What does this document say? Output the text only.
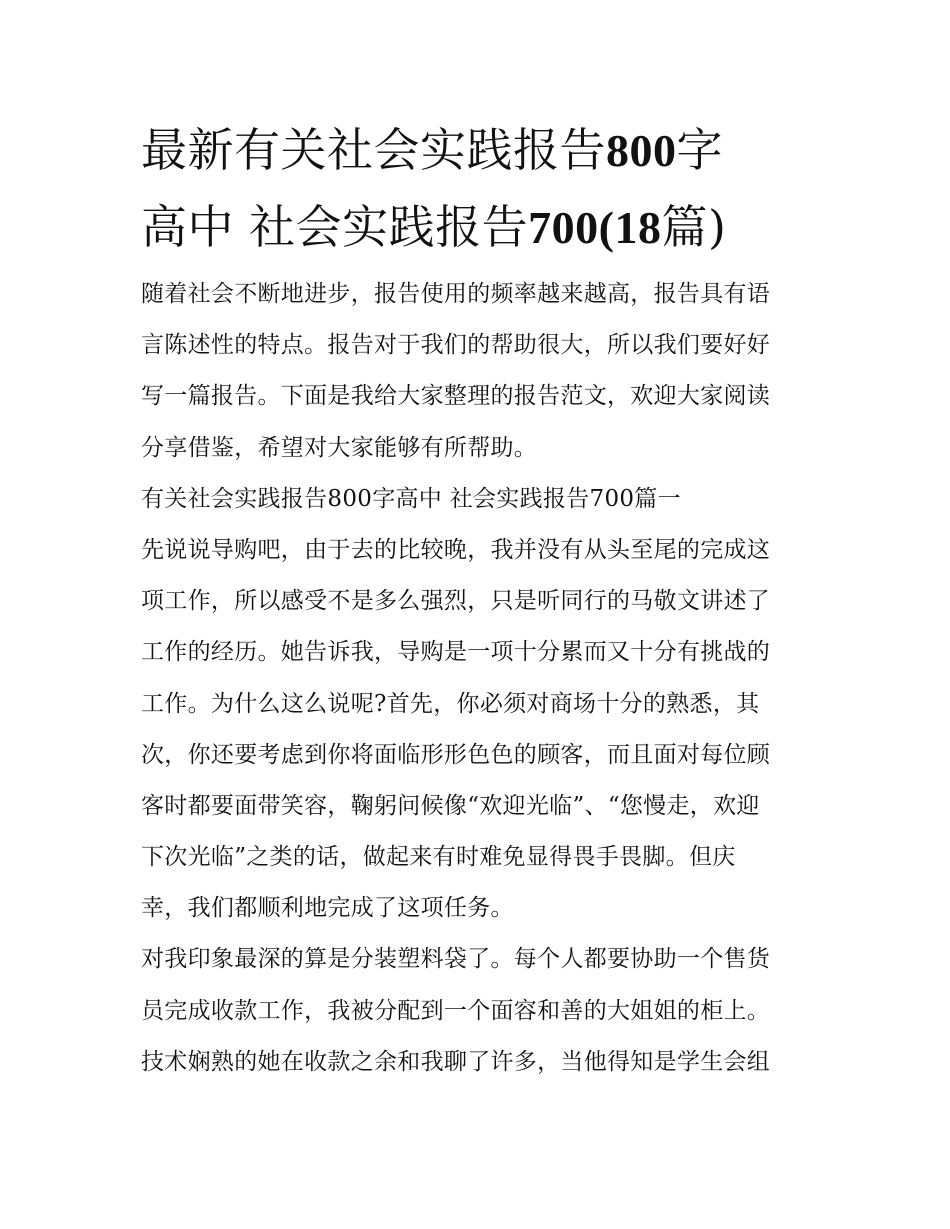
最新有关社会实践报告800字
高中 社会实践报告700(18篇)
随着社会不断地进步，报告使用的频率越来越高，报告具有语
言陈述性的特点。报告对于我们的帮助很大，所以我们要好好
写一篇报告。下面是我给大家整理的报告范文，欢迎大家阅读
分享借鉴，希望对大家能够有所帮助。
有关社会实践报告800字高中 社会实践报告700篇一
先说说导购吧，由于去的比较晚，我并没有从头至尾的完成这
项工作，所以感受不是多么强烈，只是听同行的马敬文讲述了
工作的经历。她告诉我，导购是一项十分累而又十分有挑战的
工作。为什么这么说呢?首先，你必须对商场十分的熟悉，其
次，你还要考虑到你将面临形形色色的顾客，而且面对每位顾
客时都要面带笑容，鞠躬问候像“欢迎光临”、“您慢走，欢迎
下次光临”之类的话，做起来有时难免显得畏手畏脚。但庆
幸，我们都顺利地完成了这项任务。
对我印象最深的算是分装塑料袋了。每个人都要协助一个售货
员完成收款工作，我被分配到一个面容和善的大姐姐的柜上。
技术娴熟的她在收款之余和我聊了许多，当他得知是学生会组
